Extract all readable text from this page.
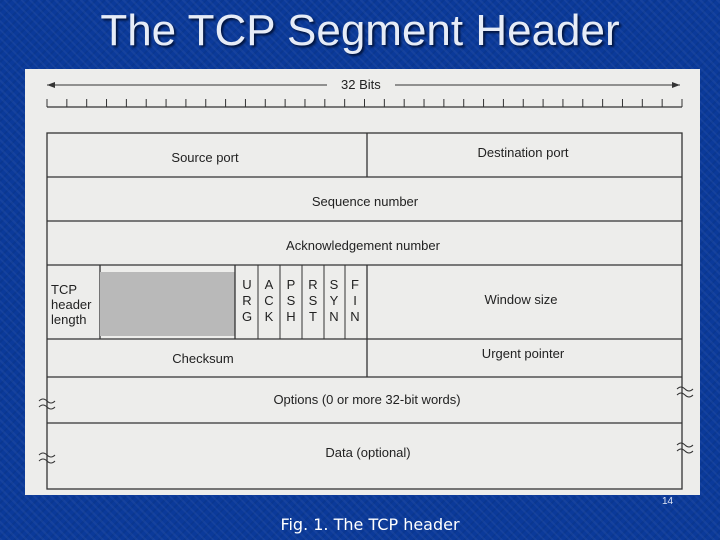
The TCP Segment Header
32 Bits
Source port	Destination port
Sequence number
Acknowledgement number
TCP
header
length
U
R
G
A
C
K
P
S
H
R
S
T
S
Y
N
F
I
N
Window size
Checksum	Urgent pointer
Options (0 or more 32-bit words)
Data (optional)
14
Fig. 1. The TCP header
